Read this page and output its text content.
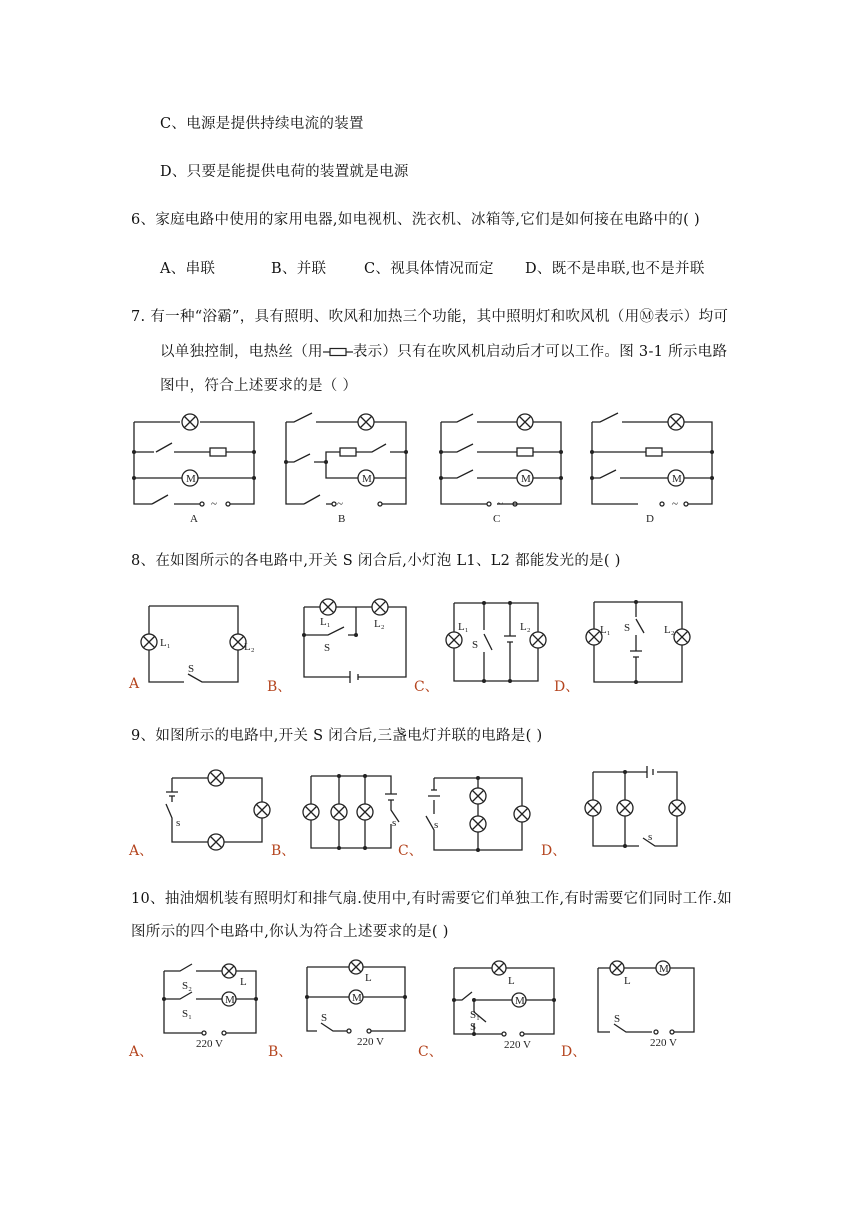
C、电源是提供持续电流的装置
D、只要是能提供电荷的装置就是电源
6、家庭电路中使用的家用电器,如电视机、洗衣机、冰箱等,它们是如何接在电路中的( )
A、串联	B、并联	C、视具体情况而定 D、既不是串联,也不是并联
7. 有一种“浴霸”，具有照明、吹风和加热三个功能，其中照明灯和吹风机（用Ⓜ表示）均可
以单独控制，电热丝（用 表示）只有在吹风机启动后才可以工作。图 3-1 所示电路
图中，符合上述要求的是（ ）
8、在如图所示的各电路中,开关 S 闭合后,小灯泡 L1、L2 都能发光的是( )
9、如图所示的电路中,开关 S 闭合后,三盏电灯并联的电路是( )
10、抽油烟机装有照明灯和排气扇.使用中,有时需要它们单独工作,有时需要它们同时工作.如
图所示的四个电路中,你认为符合上述要求的是( )
M
~
A
M
~
B
M
~
C
M
~
D
A
L₁	L₂
S
B、
L₁	L₂
S
C、
L₁
S
L₂
D、
L₁ S	L₂
A、
s
B、
s
C、
s
D、
s
A、
M
S₂
S₁
L
220 V	B、
M
L
S
220 V
C、
M
L
S₁
S
220 V D、
M
L
S
220 V
